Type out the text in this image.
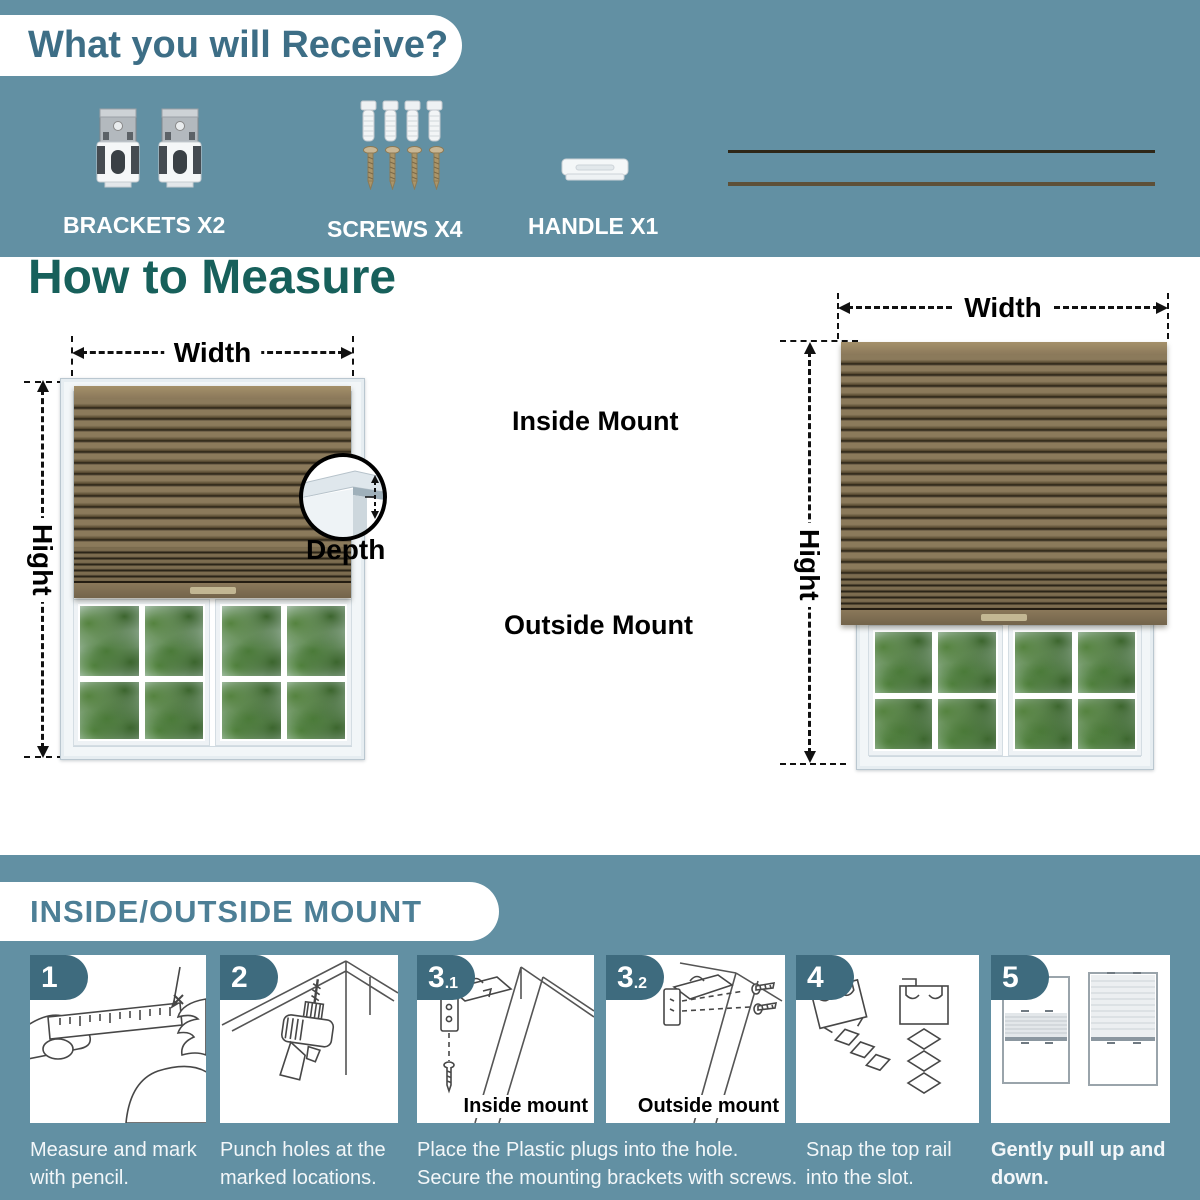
What you will Receive?
BRACKETS X2	SCREWS X4	HANDLE X1
How to Measure
Width
Hight	Depth
Inside Mount
Outside Mount
Width
Hight
INSIDE/OUTSIDE MOUNT
1	2	3 .1
Inside mount
3 .2
Outside mount
4	5
Measure and mark
with pencil.
Punch holes at the
marked locations.
Place the Plastic plugs into the hole.
Secure the mounting brackets with screws.
Snap the top rail
into the slot.
Gently pull up and
down.
